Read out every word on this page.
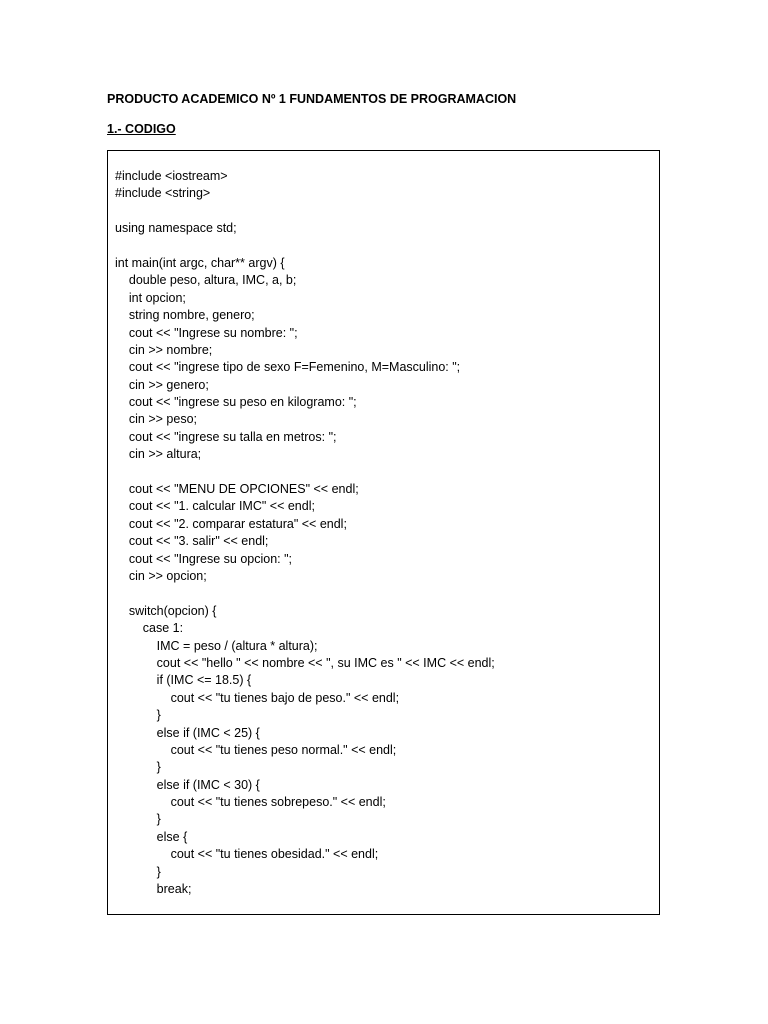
PRODUCTO ACADEMICO Nº 1 FUNDAMENTOS DE PROGRAMACION
1.- CODIGO
#include <iostream>
#include <string>
using namespace std;
int main(int argc, char** argv) {
double peso, altura, IMC, a, b;
int opcion;
string nombre, genero;
cout << "Ingrese su nombre: ";
cin >> nombre;
cout << "ingrese tipo de sexo F=Femenino, M=Masculino: ";
cin >> genero;
cout << "ingrese su peso en kilogramo: ";
cin >> peso;
cout << "ingrese su talla en metros: ";
cin >> altura;
cout << "MENU DE OPCIONES" << endl;
cout << "1. calcular IMC" << endl;
cout << "2. comparar estatura" << endl;
cout << "3. salir" << endl;
cout << "Ingrese su opcion: ";
cin >> opcion;
switch(opcion) {
case 1:
IMC = peso / (altura * altura);
cout << "hello " << nombre << ", su IMC es " << IMC << endl;
if (IMC <= 18.5) {
cout << "tu tienes bajo de peso." << endl;
}
else if (IMC < 25) {
cout << "tu tienes peso normal." << endl;
}
else if (IMC < 30) {
cout << "tu tienes sobrepeso." << endl;
}
else {
cout << "tu tienes obesidad." << endl;
}
break;
